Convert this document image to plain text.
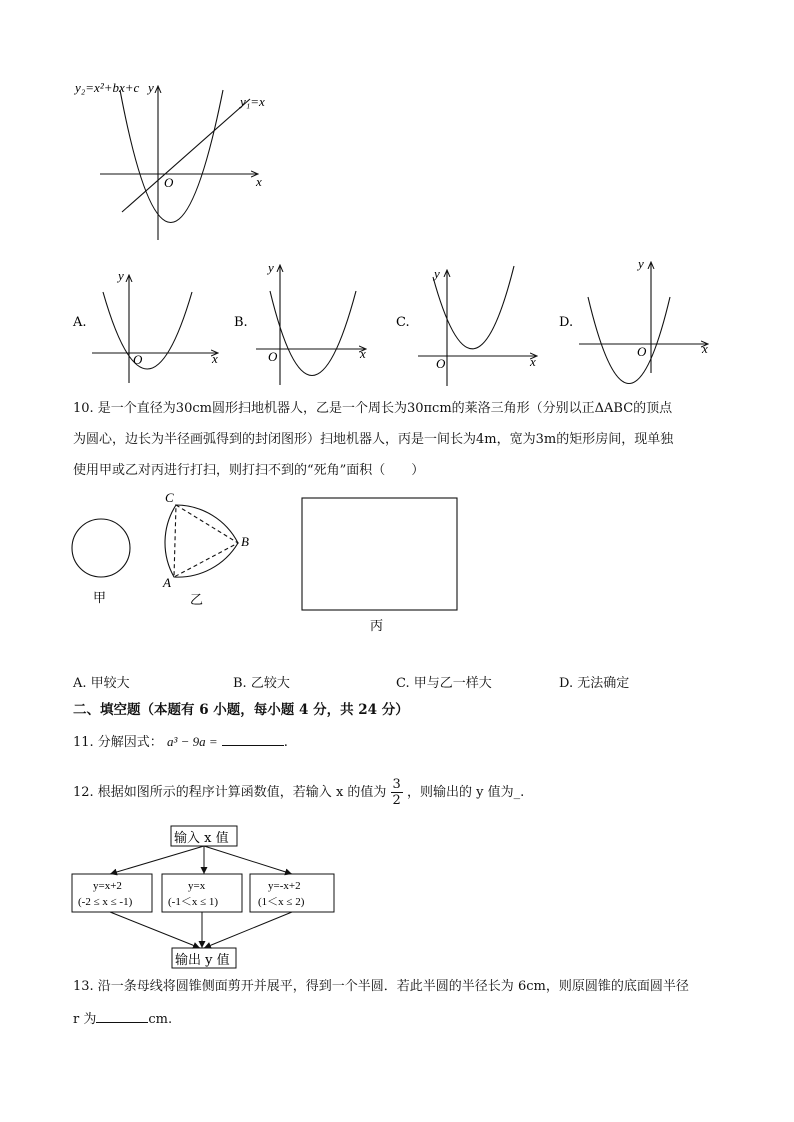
y₂=x²+bx+c y
y₁=x
x
O
A.
y
x
O
B.
y
x
O
C.
y
x
O
D.
y
x
O
甲
C
B
A
乙
丙
输入 x 值
y=x+2
(-2 ≤ x ≤ -1)
y=x
(-1＜x ≤ 1)
y=-x+2
(1＜x ≤ 2)
输出 y 值
10. 是一个直径为30cm圆形扫地机器人，乙是一个周长为30πcm的莱洛三角形（分别以正ΔABC的顶点
为圆心，边长为半径画弧得到的封闭图形）扫地机器人，丙是一间长为4m，宽为3m的矩形房间，现单独
使用甲或乙对丙进行打扫，则打扫不到的“死角”面积（　　）
A. 甲较大	B. 乙较大	C. 甲与乙一样大	D. 无法确定
二、填空题（本题有 6 小题，每小题 4 分，共 24 分）
11. 分解因式： a³ − 9a =	.
12. 根据如图所示的程序计算函数值，若输入 x 的值为 $\frac{3}{2}$ ，则输出的 y 值为_.
13. 沿一条母线将圆锥侧面剪开并展平，得到一个半圆．若此半圆的半径长为 6cm，则原圆锥的底面圆半径
r 为	cm.
